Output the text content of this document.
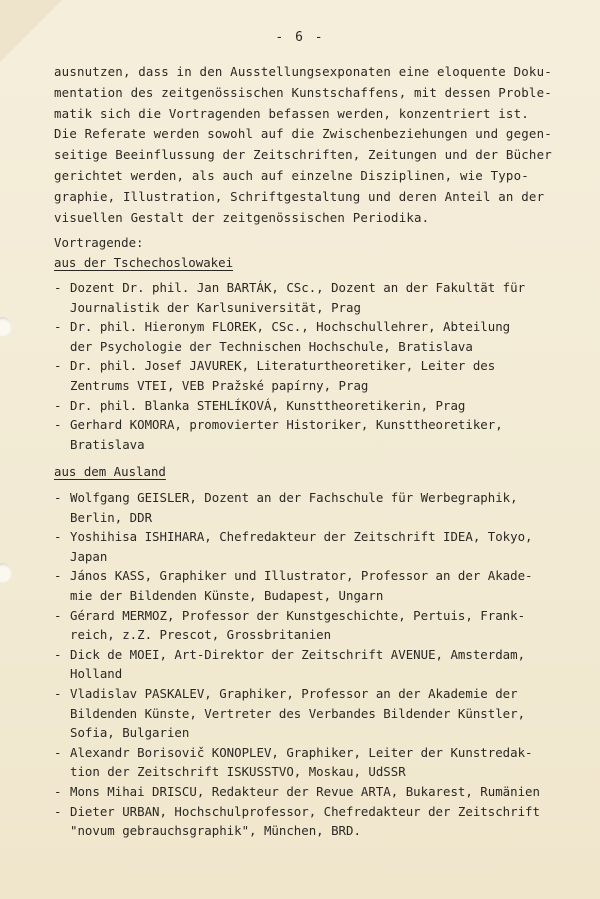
- 6 -
ausnutzen, dass in den Ausstellungsexponaten eine eloquente Doku-
mentation des zeitgenössischen Kunstschaffens, mit dessen Proble-
matik sich die Vortragenden befassen werden, konzentriert ist.
Die Referate werden sowohl auf die Zwischenbeziehungen und gegen-
seitige Beeinflussung der Zeitschriften, Zeitungen und der Bücher
gerichtet werden, als auch auf einzelne Disziplinen, wie Typo-
graphie, Illustration, Schriftgestaltung und deren Anteil an der
visuellen Gestalt der zeitgenössischen Periodika.
Vortragende:
aus der Tschechoslowakei
- Dozent Dr. phil. Jan BARTÁK, CSc., Dozent an der Fakultät für
Journalistik der Karlsuniversität, Prag
- Dr. phil. Hieronym FLOREK, CSc., Hochschullehrer, Abteilung
der Psychologie der Technischen Hochschule, Bratislava
- Dr. phil. Josef JAVUREK, Literaturtheoretiker, Leiter des
Zentrums VTEI, VEB Pražské papírny, Prag
- Dr. phil. Blanka STEHLÍKOVÁ, Kunsttheoretikerin, Prag
- Gerhard KOMORA, promovierter Historiker, Kunsttheoretiker,
Bratislava
aus dem Ausland
- Wolfgang GEISLER, Dozent an der Fachschule für Werbegraphik,
Berlin, DDR
- Yoshihisa ISHIHARA, Chefredakteur der Zeitschrift IDEA, Tokyo,
Japan
- János KASS, Graphiker und Illustrator, Professor an der Akade-
mie der Bildenden Künste, Budapest, Ungarn
- Gérard MERMOZ, Professor der Kunstgeschichte, Pertuis, Frank-
reich, z.Z. Prescot, Grossbritanien
- Dick de MOEI, Art-Direktor der Zeitschrift AVENUE, Amsterdam,
Holland
- Vladislav PASKALEV, Graphiker, Professor an der Akademie der
Bildenden Künste, Vertreter des Verbandes Bildender Künstler,
Sofia, Bulgarien
- Alexandr Borisovič KONOPLEV, Graphiker, Leiter der Kunstredak-
tion der Zeitschrift ISKUSSTVO, Moskau, UdSSR
- Mons Mihai DRISCU, Redakteur der Revue ARTA, Bukarest, Rumänien
- Dieter URBAN, Hochschulprofessor, Chefredakteur der Zeitschrift
"novum gebrauchsgraphik", München, BRD.
